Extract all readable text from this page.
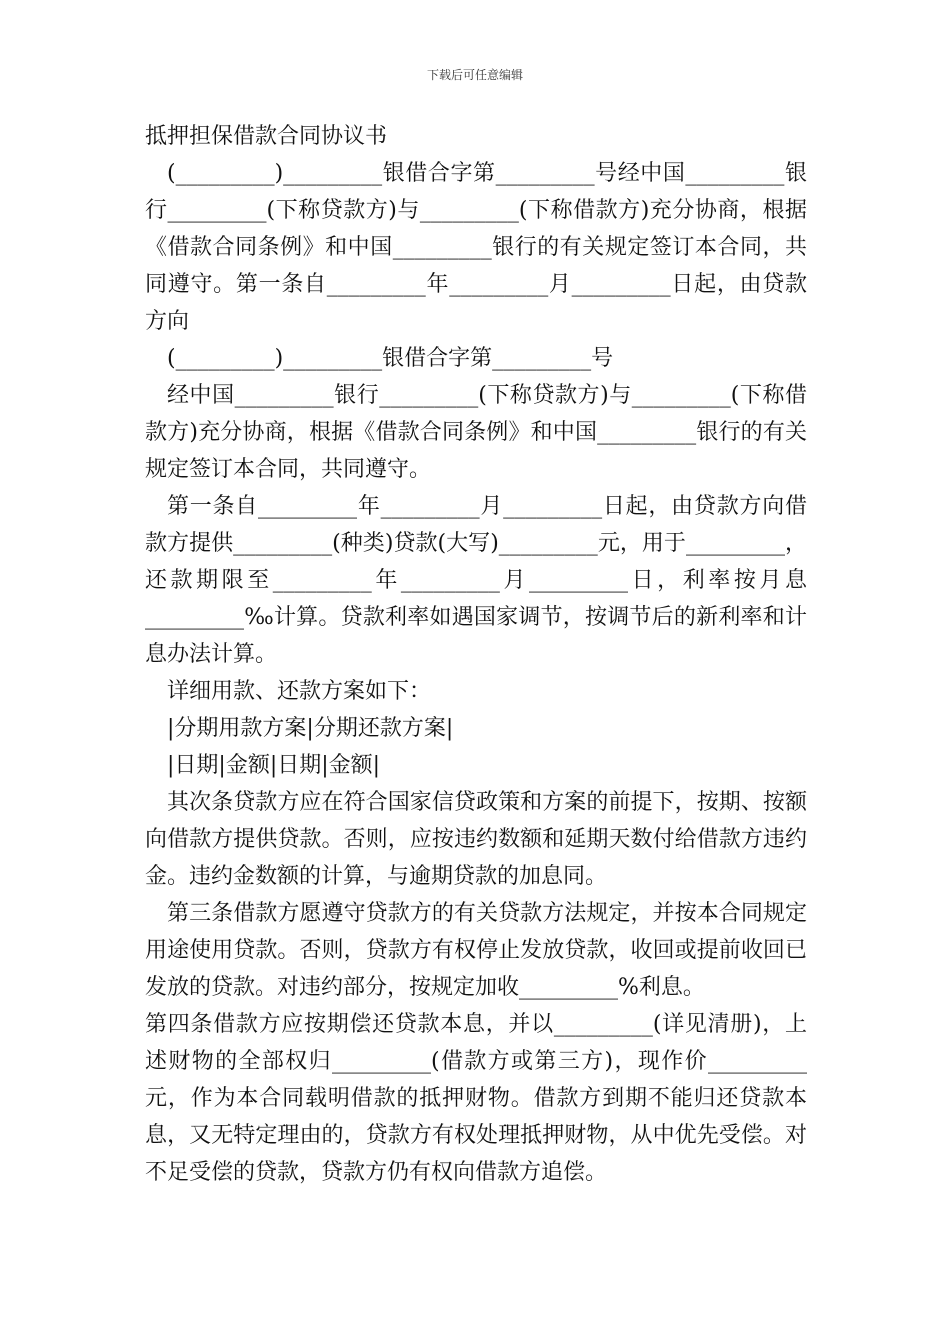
下载后可任意编辑
抵押担保借款合同协议书

(_________)_________银借合字第_________号经中国_________银行_________(下称贷款方)与_________(下称借款方)充分协商，根据《借款合同条例》和中国_________银行的有关规定签订本合同，共同遵守。第一条自_________年_________月_________日起，由贷款方向

(_________)_________银借合字第_________号

经中国_________银行_________(下称贷款方)与_________(下称借款方)充分协商，根据《借款合同条例》和中国_________银行的有关规定签订本合同，共同遵守。

第一条自_________年_________月_________日起，由贷款方向借款方提供_________(种类)贷款(大写)_________元，用于_________，还款期限至_________年_________月_________日，利率按月息_________‰计算。贷款利率如遇国家调节，按调节后的新利率和计息办法计算。

详细用款、还款方案如下：

|分期用款方案|分期还款方案|

|日期|金额|日期|金额|

其次条贷款方应在符合国家信贷政策和方案的前提下，按期、按额向借款方提供贷款。否则，应按违约数额和延期天数付给借款方违约金。违约金数额的计算，与逾期贷款的加息同。

第三条借款方愿遵守贷款方的有关贷款方法规定，并按本合同规定用途使用贷款。否则，贷款方有权停止发放贷款，收回或提前收回已发放的贷款。对违约部分，按规定加收_________%利息。

第四条借款方应按期偿还贷款本息，并以_________(详见清册)，上述财物的全部权归_________(借款方或第三方)，现作价_________元，作为本合同载明借款的抵押财物。借款方到期不能归还贷款本息，又无特定理由的，贷款方有权处理抵押财物，从中优先受偿。对不足受偿的贷款，贷款方仍有权向借款方追偿。
